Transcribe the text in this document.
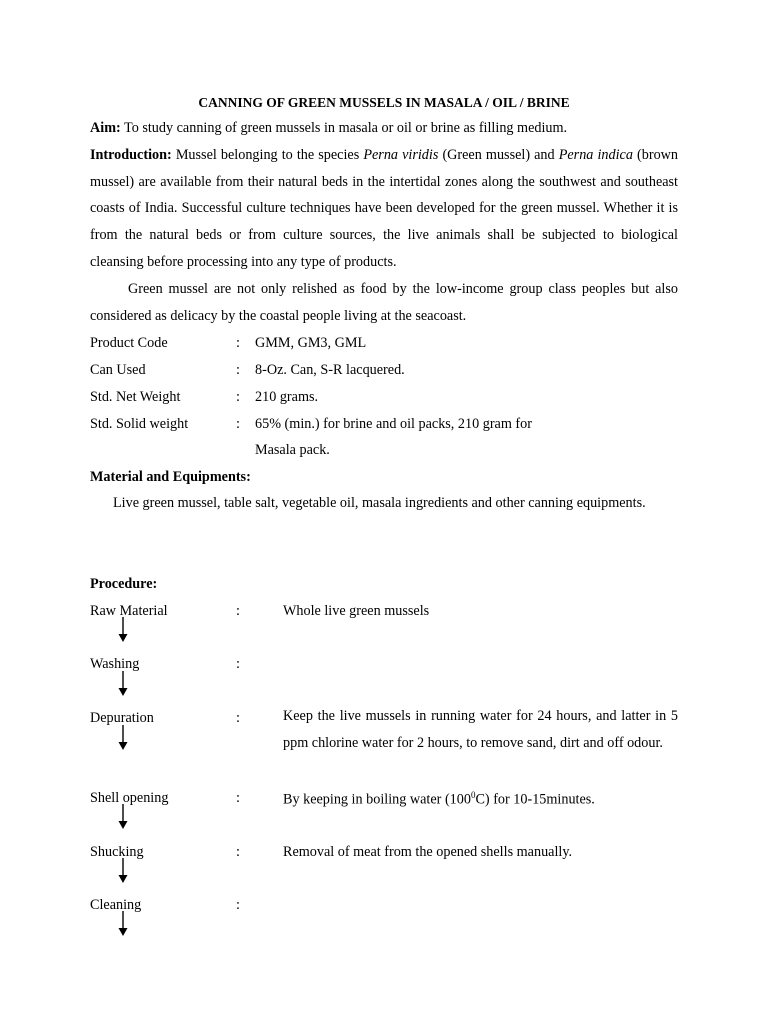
CANNING OF GREEN MUSSELS IN MASALA / OIL / BRINE
Aim: To study canning of green mussels in masala or oil or brine as filling medium.
Introduction: Mussel belonging to the species Perna viridis (Green mussel) and Perna indica (brown mussel) are available from their natural beds in the intertidal zones along the southwest and southeast coasts of India. Successful culture techniques have been developed for the green mussel. Whether it is from the natural beds or from culture sources, the live animals shall be subjected to biological cleansing before processing into any type of products.
Green mussel are not only relished as food by the low-income group class peoples but also considered as delicacy by the coastal people living at the seacoast.
Product Code	: GMM, GM3, GML
Can Used	: 8-Oz. Can, S-R lacquered.
Std. Net Weight	: 210 grams.
Std. Solid weight	: 65% (min.) for brine and oil packs, 210 gram for
Masala pack.
Material and Equipments:
Live green mussel, table salt, vegetable oil, masala ingredients and other canning equipments.
Procedure:
Raw Material	:	Whole live green mussels
Washing	:
Depuration	:	Keep the live mussels in running water for 24 hours, and latter in 5 ppm chlorine water for 2 hours, to remove sand, dirt and off odour.
Shell opening	:	By keeping in boiling water $(100^0C)$ for 10-15minutes.
Shucking	:	Removal of meat from the opened shells manually.
Cleaning	:
